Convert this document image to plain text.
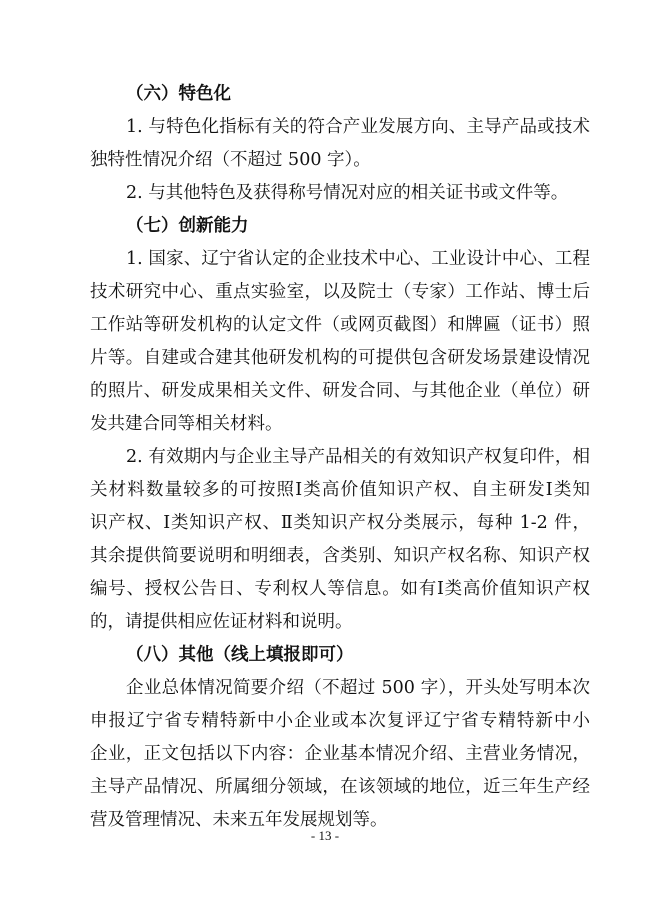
（六）特色化
1. 与特色化指标有关的符合产业发展方向、主导产品或技术
独特性情况介绍（不超过 500 字）。
2. 与其他特色及获得称号情况对应的相关证书或文件等。
（七）创新能力
1. 国家、辽宁省认定的企业技术中心、工业设计中心、工程
技术研究中心、重点实验室，以及院士（专家）工作站、博士后
工作站等研发机构的认定文件（或网页截图）和牌匾（证书）照
片等。自建或合建其他研发机构的可提供包含研发场景建设情况
的照片、研发成果相关文件、研发合同、与其他企业（单位）研
发共建合同等相关材料。
2. 有效期内与企业主导产品相关的有效知识产权复印件，相
关材料数量较多的可按照Ⅰ类高价值知识产权、自主研发Ⅰ类知
识产权、Ⅰ类知识产权、Ⅱ类知识产权分类展示，每种 1-2 件，
其余提供简要说明和明细表，含类别、知识产权名称、知识产权
编号、授权公告日、专利权人等信息。如有Ⅰ类高价值知识产权
的，请提供相应佐证材料和说明。
（八）其他（线上填报即可）
企业总体情况简要介绍（不超过 500 字），开头处写明本次
申报辽宁省专精特新中小企业或本次复评辽宁省专精特新中小
企业，正文包括以下内容：企业基本情况介绍、主营业务情况，
主导产品情况、所属细分领域，在该领域的地位，近三年生产经
营及管理情况、未来五年发展规划等。
- 13 -
